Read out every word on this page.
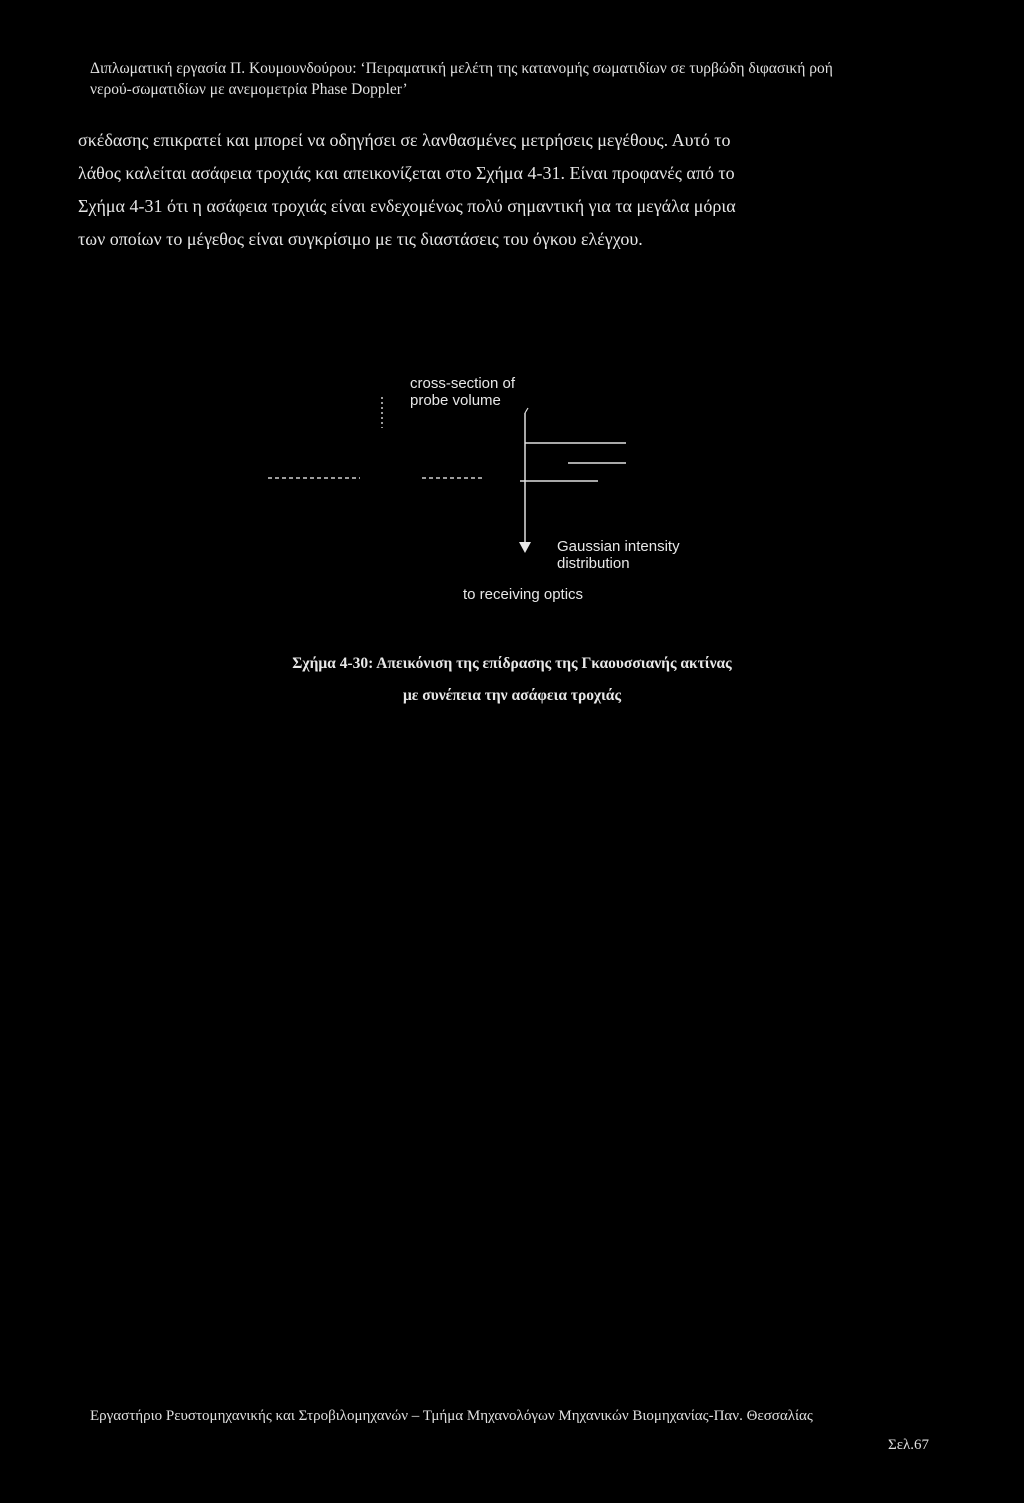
Διπλωματική εργασία Π. Κουμουνδούρου: ‘Πειραματική μελέτη της κατανομής σωματιδίων σε τυρβώδη διφασική ροή
νερού-σωματιδίων με ανεμομετρία Phase Doppler’
σκέδασης επικρατεί και μπορεί να οδηγήσει σε λανθασμένες μετρήσεις μεγέθους. Αυτό το
λάθος καλείται ασάφεια τροχιάς και απεικονίζεται στο Σχήμα 4-31. Είναι προφανές από το
Σχήμα 4-31 ότι η ασάφεια τροχιάς είναι ενδεχομένως πολύ σημαντική για τα μεγάλα μόρια
των οποίων το μέγεθος είναι συγκρίσιμο με τις διαστάσεις του όγκου ελέγχου.
cross-section of
probe volume
Gaussian intensity
distribution
to receiving optics
Σχήμα 4-30: Απεικόνιση της επίδρασης της Γκαουσσιανής ακτίνας
με συνέπεια την ασάφεια τροχιάς
Εργαστήριο Ρευστομηχανικής και Στροβιλομηχανών – Τμήμα Μηχανολόγων Μηχανικών Βιομηχανίας-Παν. Θεσσαλίας
Σελ.67
